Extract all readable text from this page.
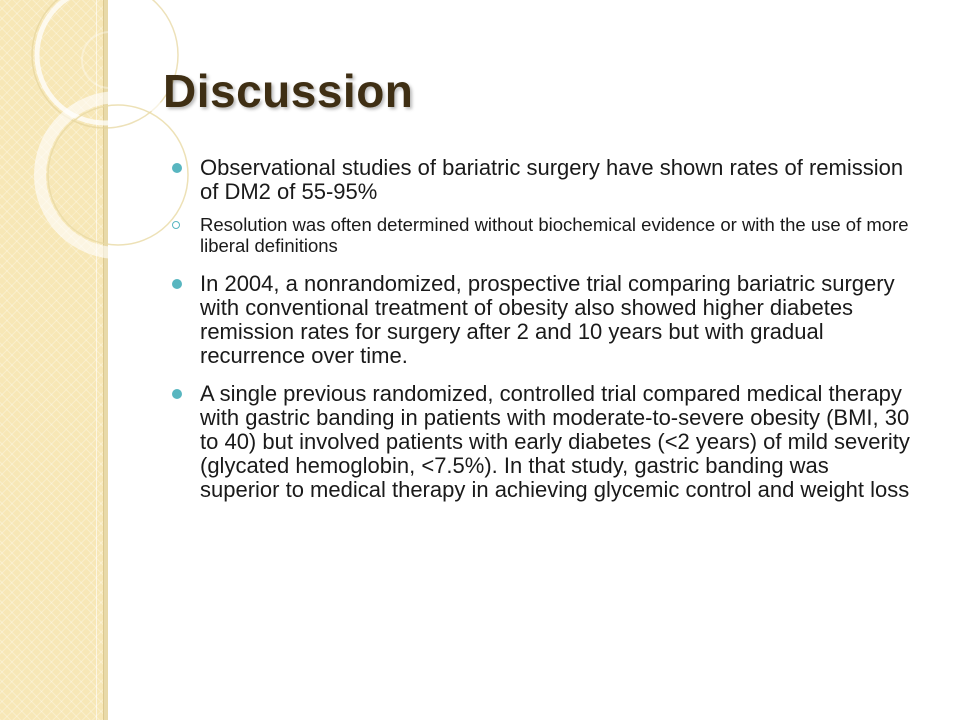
Discussion
Observational studies of bariatric surgery have shown rates of remission of DM2 of 55-95%
Resolution was often determined without biochemical evidence or with the use of more liberal definitions
In 2004, a nonrandomized, prospective trial comparing bariatric surgery with conventional treatment of obesity also showed higher diabetes remission rates for surgery after 2 and 10 years but with gradual recurrence over time.
A single previous randomized, controlled trial compared medical therapy with gastric banding in patients with moderate-to-severe obesity (BMI, 30 to 40) but involved patients with early diabetes (<2 years) of mild severity (glycated hemoglobin, <7.5%). In that study, gastric banding was superior to medical therapy in achieving glycemic control and weight loss
